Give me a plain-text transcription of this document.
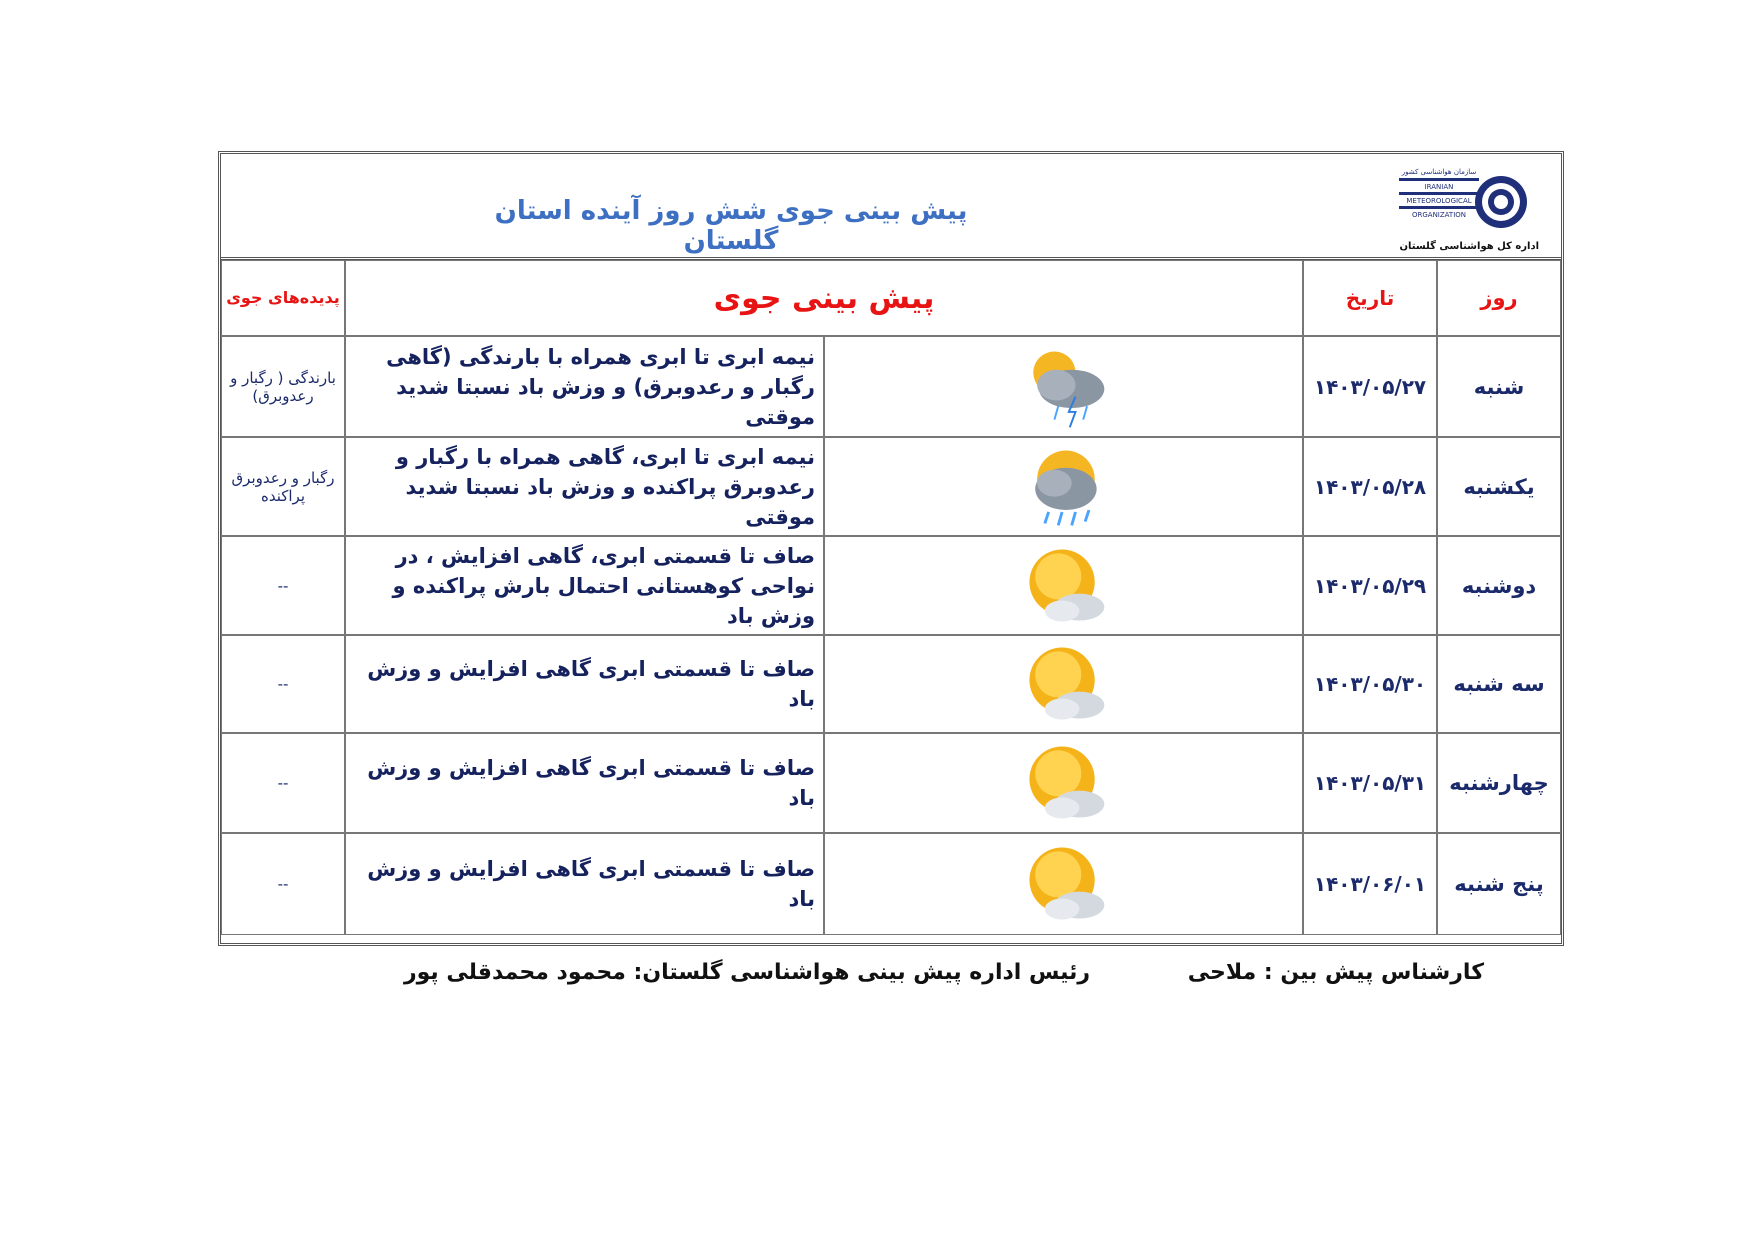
پیش بینی جوی شش روز آینده استان گلستان
سازمان هواشناسی کشور
IRANIAN
METEOROLOGICAL
ORGANIZATION
اداره کل هواشناسی گلستان
روز	تاریخ	پیش بینی جوی		پدیده‌های جوی
شنبه	۱۴۰۳/۰۵/۲۷		نیمه ابری تا ابری همراه با بارندگی (گاهی رگبار و رعدوبرق) و وزش باد نسبتا شدید موقتی	بارندگی ( رگبار و رعدوبرق)
یکشنبه	۱۴۰۳/۰۵/۲۸		نیمه ابری تا ابری، گاهی همراه با رگبار و رعدوبرق پراکنده و وزش باد نسبتا شدید موقتی	رگبار و رعدوبرق پراکنده
دوشنبه	۱۴۰۳/۰۵/۲۹		صاف تا قسمتی ابری، گاهی افزایش ، در نواحی کوهستانی احتمال بارش پراکنده و وزش باد	--
سه شنبه	۱۴۰۳/۰۵/۳۰		صاف تا قسمتی ابری گاهی افزایش و وزش باد	--
چهارشنبه	۱۴۰۳/۰۵/۳۱		صاف تا قسمتی ابری گاهی افزایش و وزش باد	--
پنج شنبه	۱۴۰۳/۰۶/۰۱		صاف تا قسمتی ابری گاهی افزایش و وزش باد	--
کارشناس پیش بین : ملاحی
رئیس اداره پیش بینی هواشناسی گلستان: محمود محمدقلی پور
